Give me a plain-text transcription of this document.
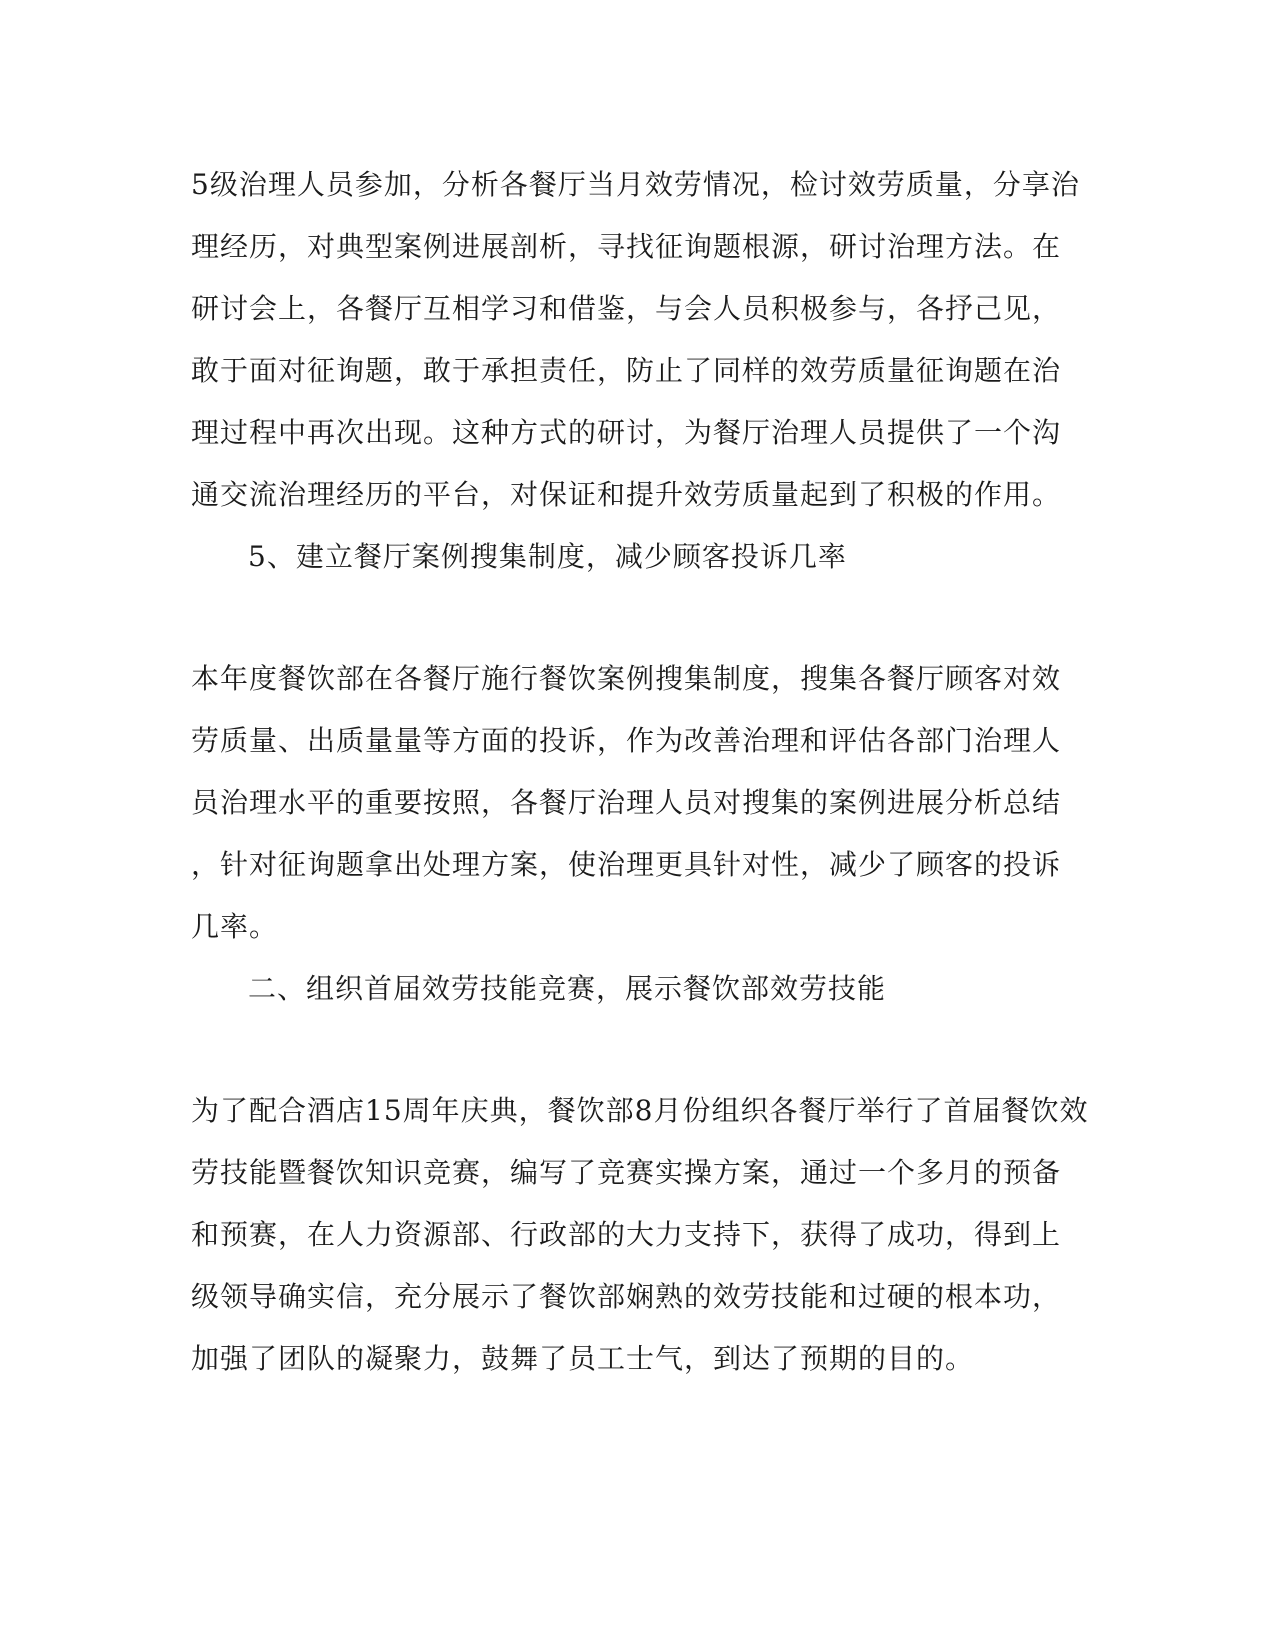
5级治理人员参加，分析各餐厅当月效劳情况，检讨效劳质量，分享治
理经历，对典型案例进展剖析，寻找征询题根源，研讨治理方法。在
研讨会上，各餐厅互相学习和借鉴，与会人员积极参与，各抒己见，
敢于面对征询题，敢于承担责任，防止了同样的效劳质量征询题在治
理过程中再次出现。这种方式的研讨，为餐厅治理人员提供了一个沟
通交流治理经历的平台，对保证和提升效劳质量起到了积极的作用。
5、建立餐厅案例搜集制度，减少顾客投诉几率
本年度餐饮部在各餐厅施行餐饮案例搜集制度，搜集各餐厅顾客对效
劳质量、出质量量等方面的投诉，作为改善治理和评估各部门治理人
员治理水平的重要按照，各餐厅治理人员对搜集的案例进展分析总结
，针对征询题拿出处理方案，使治理更具针对性，减少了顾客的投诉
几率。
二、组织首届效劳技能竞赛，展示餐饮部效劳技能
为了配合酒店15周年庆典，餐饮部8月份组织各餐厅举行了首届餐饮效
劳技能暨餐饮知识竞赛，编写了竞赛实操方案，通过一个多月的预备
和预赛，在人力资源部、行政部的大力支持下，获得了成功，得到上
级领导确实信，充分展示了餐饮部娴熟的效劳技能和过硬的根本功，
加强了团队的凝聚力，鼓舞了员工士气，到达了预期的目的。
